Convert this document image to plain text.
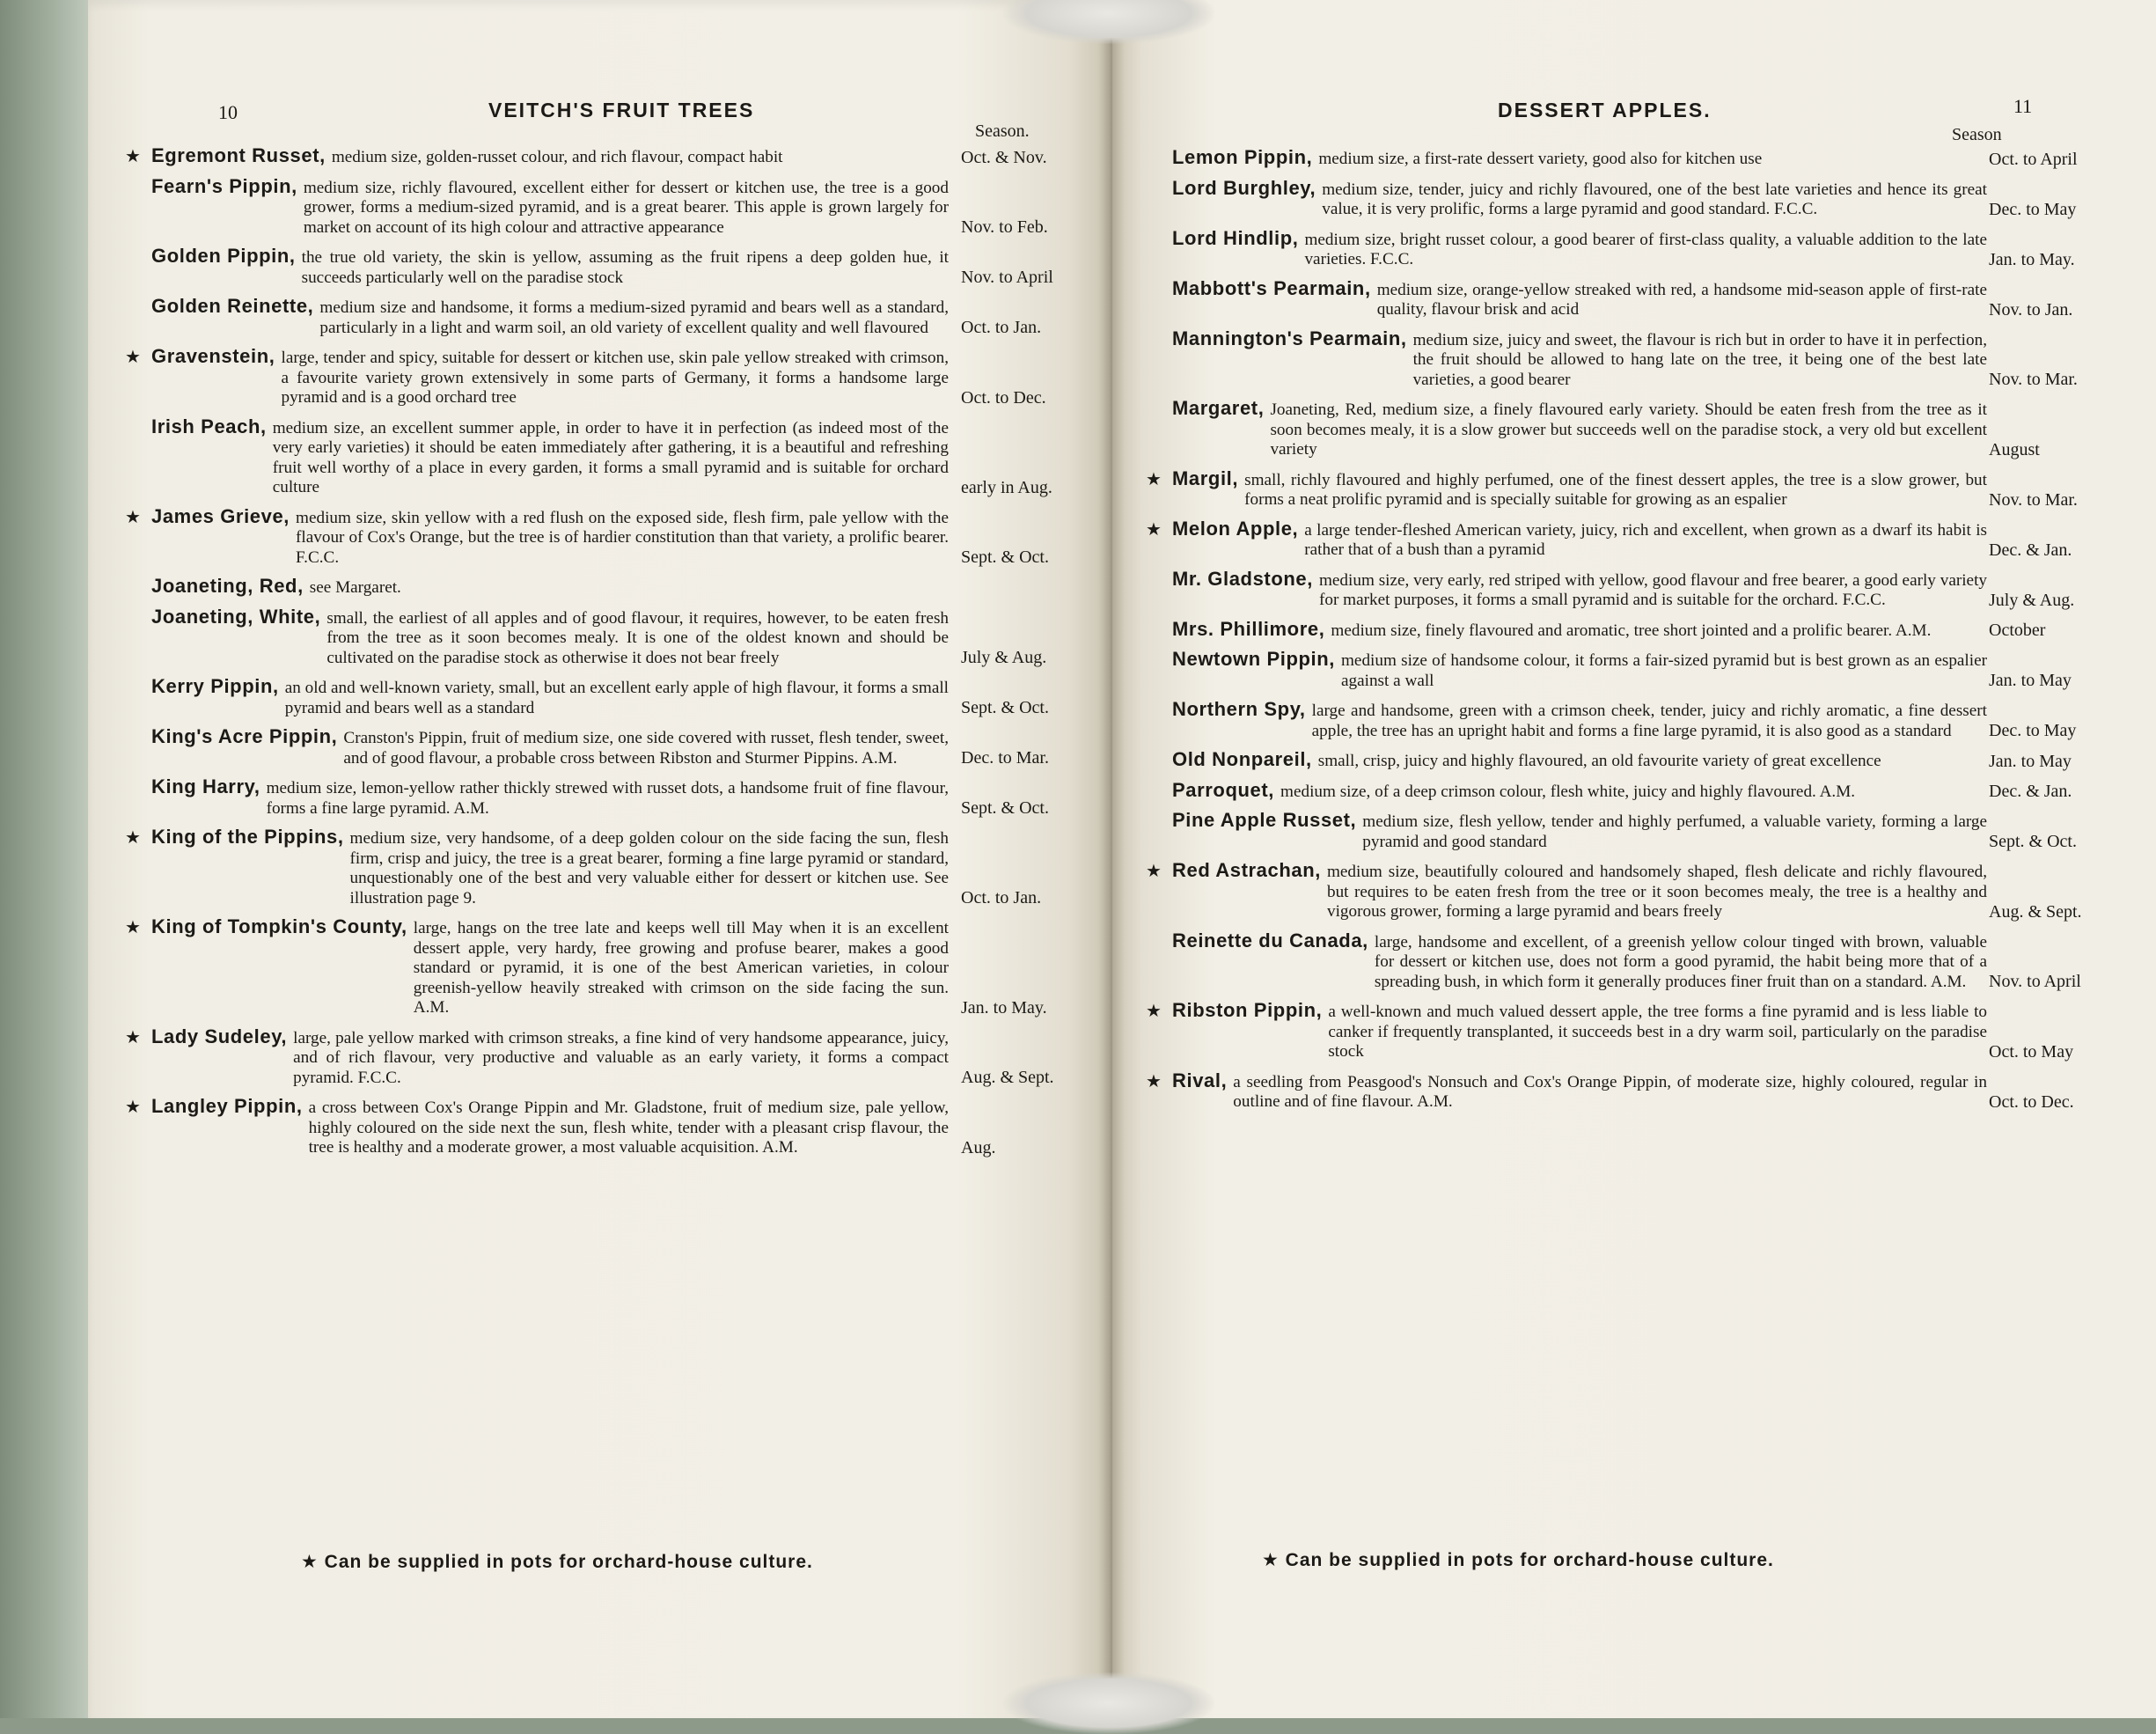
10	VEITCH'S FRUIT TREES
Season.
★ Egremont Russet, medium size, golden-russet colour, and rich flavour, compact habit	Oct. & Nov.
Fearn's Pippin, medium size, richly flavoured, excellent either for dessert or kitchen use, the tree is a good grower, forms a medium-sized pyramid, and is a great bearer. This apple is grown largely for market on account of its high colour and attractive appearance	Nov. to Feb.
Golden Pippin, the true old variety, the skin is yellow, assuming as the fruit ripens a deep golden hue, it succeeds particularly well on the paradise stock	Nov. to April
Golden Reinette, medium size and handsome, it forms a medium-sized pyramid and bears well as a standard, particularly in a light and warm soil, an old variety of excellent quality and well flavoured	Oct. to Jan.
★ Gravenstein, large, tender and spicy, suitable for dessert or kitchen use, skin pale yellow streaked with crimson, a favourite variety grown extensively in some parts of Germany, it forms a handsome large pyramid and is a good orchard tree	Oct. to Dec.
Irish Peach, medium size, an excellent summer apple, in order to have it in perfection (as indeed most of the very early varieties) it should be eaten immediately after gathering, it is a beautiful and refreshing fruit well worthy of a place in every garden, it forms a small pyramid and is suitable for orchard culture	early in Aug.
★ James Grieve, medium size, skin yellow with a red flush on the exposed side, flesh firm, pale yellow with the flavour of Cox's Orange, but the tree is of hardier constitution than that variety, a prolific bearer. F.C.C.	Sept. & Oct.
Joaneting, Red, see Margaret.
Joaneting, White, small, the earliest of all apples and of good flavour, it requires, however, to be eaten fresh from the tree as it soon becomes mealy. It is one of the oldest known and should be cultivated on the paradise stock as otherwise it does not bear freely	July & Aug.
Kerry Pippin, an old and well-known variety, small, but an excellent early apple of high flavour, it forms a small pyramid and bears well as a standard	Sept. & Oct.
King's Acre Pippin, Cranston's Pippin, fruit of medium size, one side covered with russet, flesh tender, sweet, and of good flavour, a probable cross between Ribston and Sturmer Pippins. A.M.	Dec. to Mar.
King Harry, medium size, lemon-yellow rather thickly strewed with russet dots, a handsome fruit of fine flavour, forms a fine large pyramid. A.M.	Sept. & Oct.
★ King of the Pippins, medium size, very handsome, of a deep golden colour on the side facing the sun, flesh firm, crisp and juicy, the tree is a great bearer, forming a fine large pyramid or standard, unquestionably one of the best and very valuable either for dessert or kitchen use. See illustration page 9.	Oct. to Jan.
★ King of Tompkin's County, large, hangs on the tree late and keeps well till May when it is an excellent dessert apple, very hardy, free growing and profuse bearer, makes a good standard or pyramid, it is one of the best American varieties, in colour greenish-yellow heavily streaked with crimson on the side facing the sun. A.M.	Jan. to May.
★ Lady Sudeley, large, pale yellow marked with crimson streaks, a fine kind of very handsome appearance, juicy, and of rich flavour, very productive and valuable as an early variety, it forms a compact pyramid. F.C.C.	Aug. & Sept.
★ Langley Pippin, a cross between Cox's Orange Pippin and Mr. Gladstone, fruit of medium size, pale yellow, highly coloured on the side next the sun, flesh white, tender with a pleasant crisp flavour, the tree is healthy and a moderate grower, a most valuable acquisition. A.M.	Aug.
★ Can be supplied in pots for orchard-house culture.
11
DESSERT APPLES.
Season
Lemon Pippin, medium size, a first-rate dessert variety, good also for kitchen use	Oct. to April
Lord Burghley, medium size, tender, juicy and richly flavoured, one of the best late varieties and hence its great value, it is very prolific, forms a large pyramid and good standard. F.C.C.	Dec. to May
Lord Hindlip, medium size, bright russet colour, a good bearer of first-class quality, a valuable addition to the late varieties. F.C.C.	Jan. to May.
Mabbott's Pearmain, medium size, orange-yellow streaked with red, a handsome mid-season apple of first-rate quality, flavour brisk and acid	Nov. to Jan.
Mannington's Pearmain, medium size, juicy and sweet, the flavour is rich but in order to have it in perfection, the fruit should be allowed to hang late on the tree, it being one of the best late varieties, a good bearer	Nov. to Mar.
Margaret, Joaneting, Red, medium size, a finely flavoured early variety. Should be eaten fresh from the tree as it soon becomes mealy, it is a slow grower but succeeds well on the paradise stock, a very old but excellent variety	August
★ Margil, small, richly flavoured and highly perfumed, one of the finest dessert apples, the tree is a slow grower, but forms a neat prolific pyramid and is specially suitable for growing as an espalier	Nov. to Mar.
★ Melon Apple, a large tender-fleshed American variety, juicy, rich and excellent, when grown as a dwarf its habit is rather that of a bush than a pyramid	Dec. & Jan.
Mr. Gladstone, medium size, very early, red striped with yellow, good flavour and free bearer, a good early variety for market purposes, it forms a small pyramid and is suitable for the orchard. F.C.C.	July & Aug.
Mrs. Phillimore, medium size, finely flavoured and aromatic, tree short jointed and a prolific bearer. A.M.	October
Newtown Pippin, medium size of handsome colour, it forms a fair-sized pyramid but is best grown as an espalier against a wall	Jan. to May
Northern Spy, large and handsome, green with a crimson cheek, tender, juicy and richly aromatic, a fine dessert apple, the tree has an upright habit and forms a fine large pyramid, it is also good as a standard	Dec. to May
Old Nonpareil, small, crisp, juicy and highly flavoured, an old favourite variety of great excellence	Jan. to May
Parroquet, medium size, of a deep crimson colour, flesh white, juicy and highly flavoured. A.M.	Dec. & Jan.
Pine Apple Russet, medium size, flesh yellow, tender and highly perfumed, a valuable variety, forming a large pyramid and good standard	Sept. & Oct.
★ Red Astrachan, medium size, beautifully coloured and handsomely shaped, flesh delicate and richly flavoured, but requires to be eaten fresh from the tree or it soon becomes mealy, the tree is a healthy and vigorous grower, forming a large pyramid and bears freely	Aug. & Sept.
Reinette du Canada, large, handsome and excellent, of a greenish yellow colour tinged with brown, valuable for dessert or kitchen use, does not form a good pyramid, the habit being more that of a spreading bush, in which form it generally produces finer fruit than on a standard. A.M.	Nov. to April
★ Ribston Pippin, a well-known and much valued dessert apple, the tree forms a fine pyramid and is less liable to canker if frequently transplanted, it succeeds best in a dry warm soil, particularly on the paradise stock	Oct. to May
★ Rival, a seedling from Peasgood's Nonsuch and Cox's Orange Pippin, of moderate size, highly coloured, regular in outline and of fine flavour. A.M.	Oct. to Dec.
★ Can be supplied in pots for orchard-house culture.
